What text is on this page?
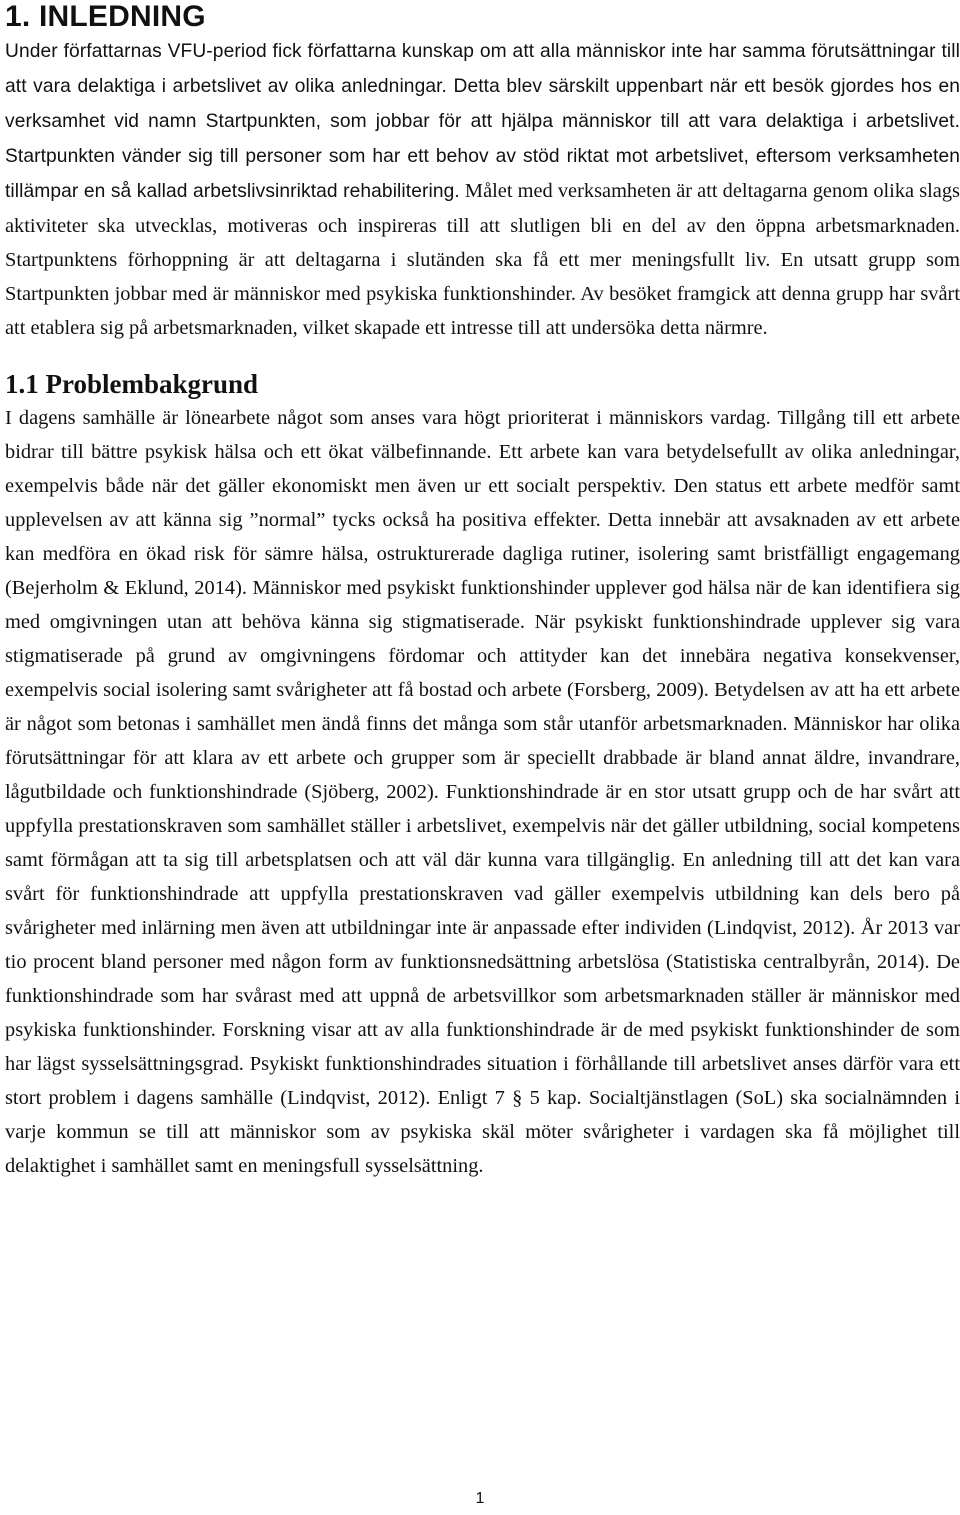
1. INLEDNING

Under författarnas VFU-period fick författarna kunskap om att alla människor inte har samma förutsättningar till att vara delaktiga i arbetslivet av olika anledningar. Detta blev särskilt uppenbart när ett besök gjordes hos en verksamhet vid namn Startpunkten, som jobbar för att hjälpa människor till att vara delaktiga i arbetslivet. Startpunkten vänder sig till personer som har ett behov av stöd riktat mot arbetslivet, eftersom verksamheten tillämpar en så kallad arbetslivsinriktad rehabilitering. Målet med verksamheten är att deltagarna genom olika slags aktiviteter ska utvecklas, motiveras och inspireras till att slutligen bli en del av den öppna arbetsmarknaden. Startpunktens förhoppning är att deltagarna i slutänden ska få ett mer meningsfullt liv. En utsatt grupp som Startpunkten jobbar med är människor med psykiska funktionshinder. Av besöket framgick att denna grupp har svårt att etablera sig på arbetsmarknaden, vilket skapade ett intresse till att undersöka detta närmre.

1.1 Problembakgrund

I dagens samhälle är lönearbete något som anses vara högt prioriterat i människors vardag. Tillgång till ett arbete bidrar till bättre psykisk hälsa och ett ökat välbefinnande. Ett arbete kan vara betydelsefullt av olika anledningar, exempelvis både när det gäller ekonomiskt men även ur ett socialt perspektiv. Den status ett arbete medför samt upplevelsen av att känna sig ”normal” tycks också ha positiva effekter. Detta innebär att avsaknaden av ett arbete kan medföra en ökad risk för sämre hälsa, ostrukturerade dagliga rutiner, isolering samt bristfälligt engagemang (Bejerholm & Eklund, 2014). Människor med psykiskt funktionshinder upplever god hälsa när de kan identifiera sig med omgivningen utan att behöva känna sig stigmatiserade. När psykiskt funktionshindrade upplever sig vara stigmatiserade på grund av omgivningens fördomar och attityder kan det innebära negativa konsekvenser, exempelvis social isolering samt svårigheter att få bostad och arbete (Forsberg, 2009). Betydelsen av att ha ett arbete är något som betonas i samhället men ändå finns det många som står utanför arbetsmarknaden. Människor har olika förutsättningar för att klara av ett arbete och grupper som är speciellt drabbade är bland annat äldre, invandrare, lågutbildade och funktionshindrade (Sjöberg, 2002). Funktionshindrade är en stor utsatt grupp och de har svårt att uppfylla prestationskraven som samhället ställer i arbetslivet, exempelvis när det gäller utbildning, social kompetens samt förmågan att ta sig till arbetsplatsen och att väl där kunna vara tillgänglig. En anledning till att det kan vara svårt för funktionshindrade att uppfylla prestationskraven vad gäller exempelvis utbildning kan dels bero på svårigheter med inlärning men även att utbildningar inte är anpassade efter individen (Lindqvist, 2012). År 2013 var tio procent bland personer med någon form av funktionsnedsättning arbetslösa (Statistiska centralbyrån, 2014). De funktionshindrade som har svårast med att uppnå de arbetsvillkor som arbetsmarknaden ställer är människor med psykiska funktionshinder. Forskning visar att av alla funktionshindrade är de med psykiskt funktionshinder de som har lägst sysselsättningsgrad. Psykiskt funktionshindrades situation i förhållande till arbetslivet anses därför vara ett stort problem i dagens samhälle (Lindqvist, 2012). Enligt 7 § 5 kap. Socialtjänstlagen (SoL) ska socialnämnden i varje kommun se till att människor som av psykiska skäl möter svårigheter i vardagen ska få möjlighet till delaktighet i samhället samt en meningsfull sysselsättning.

1
